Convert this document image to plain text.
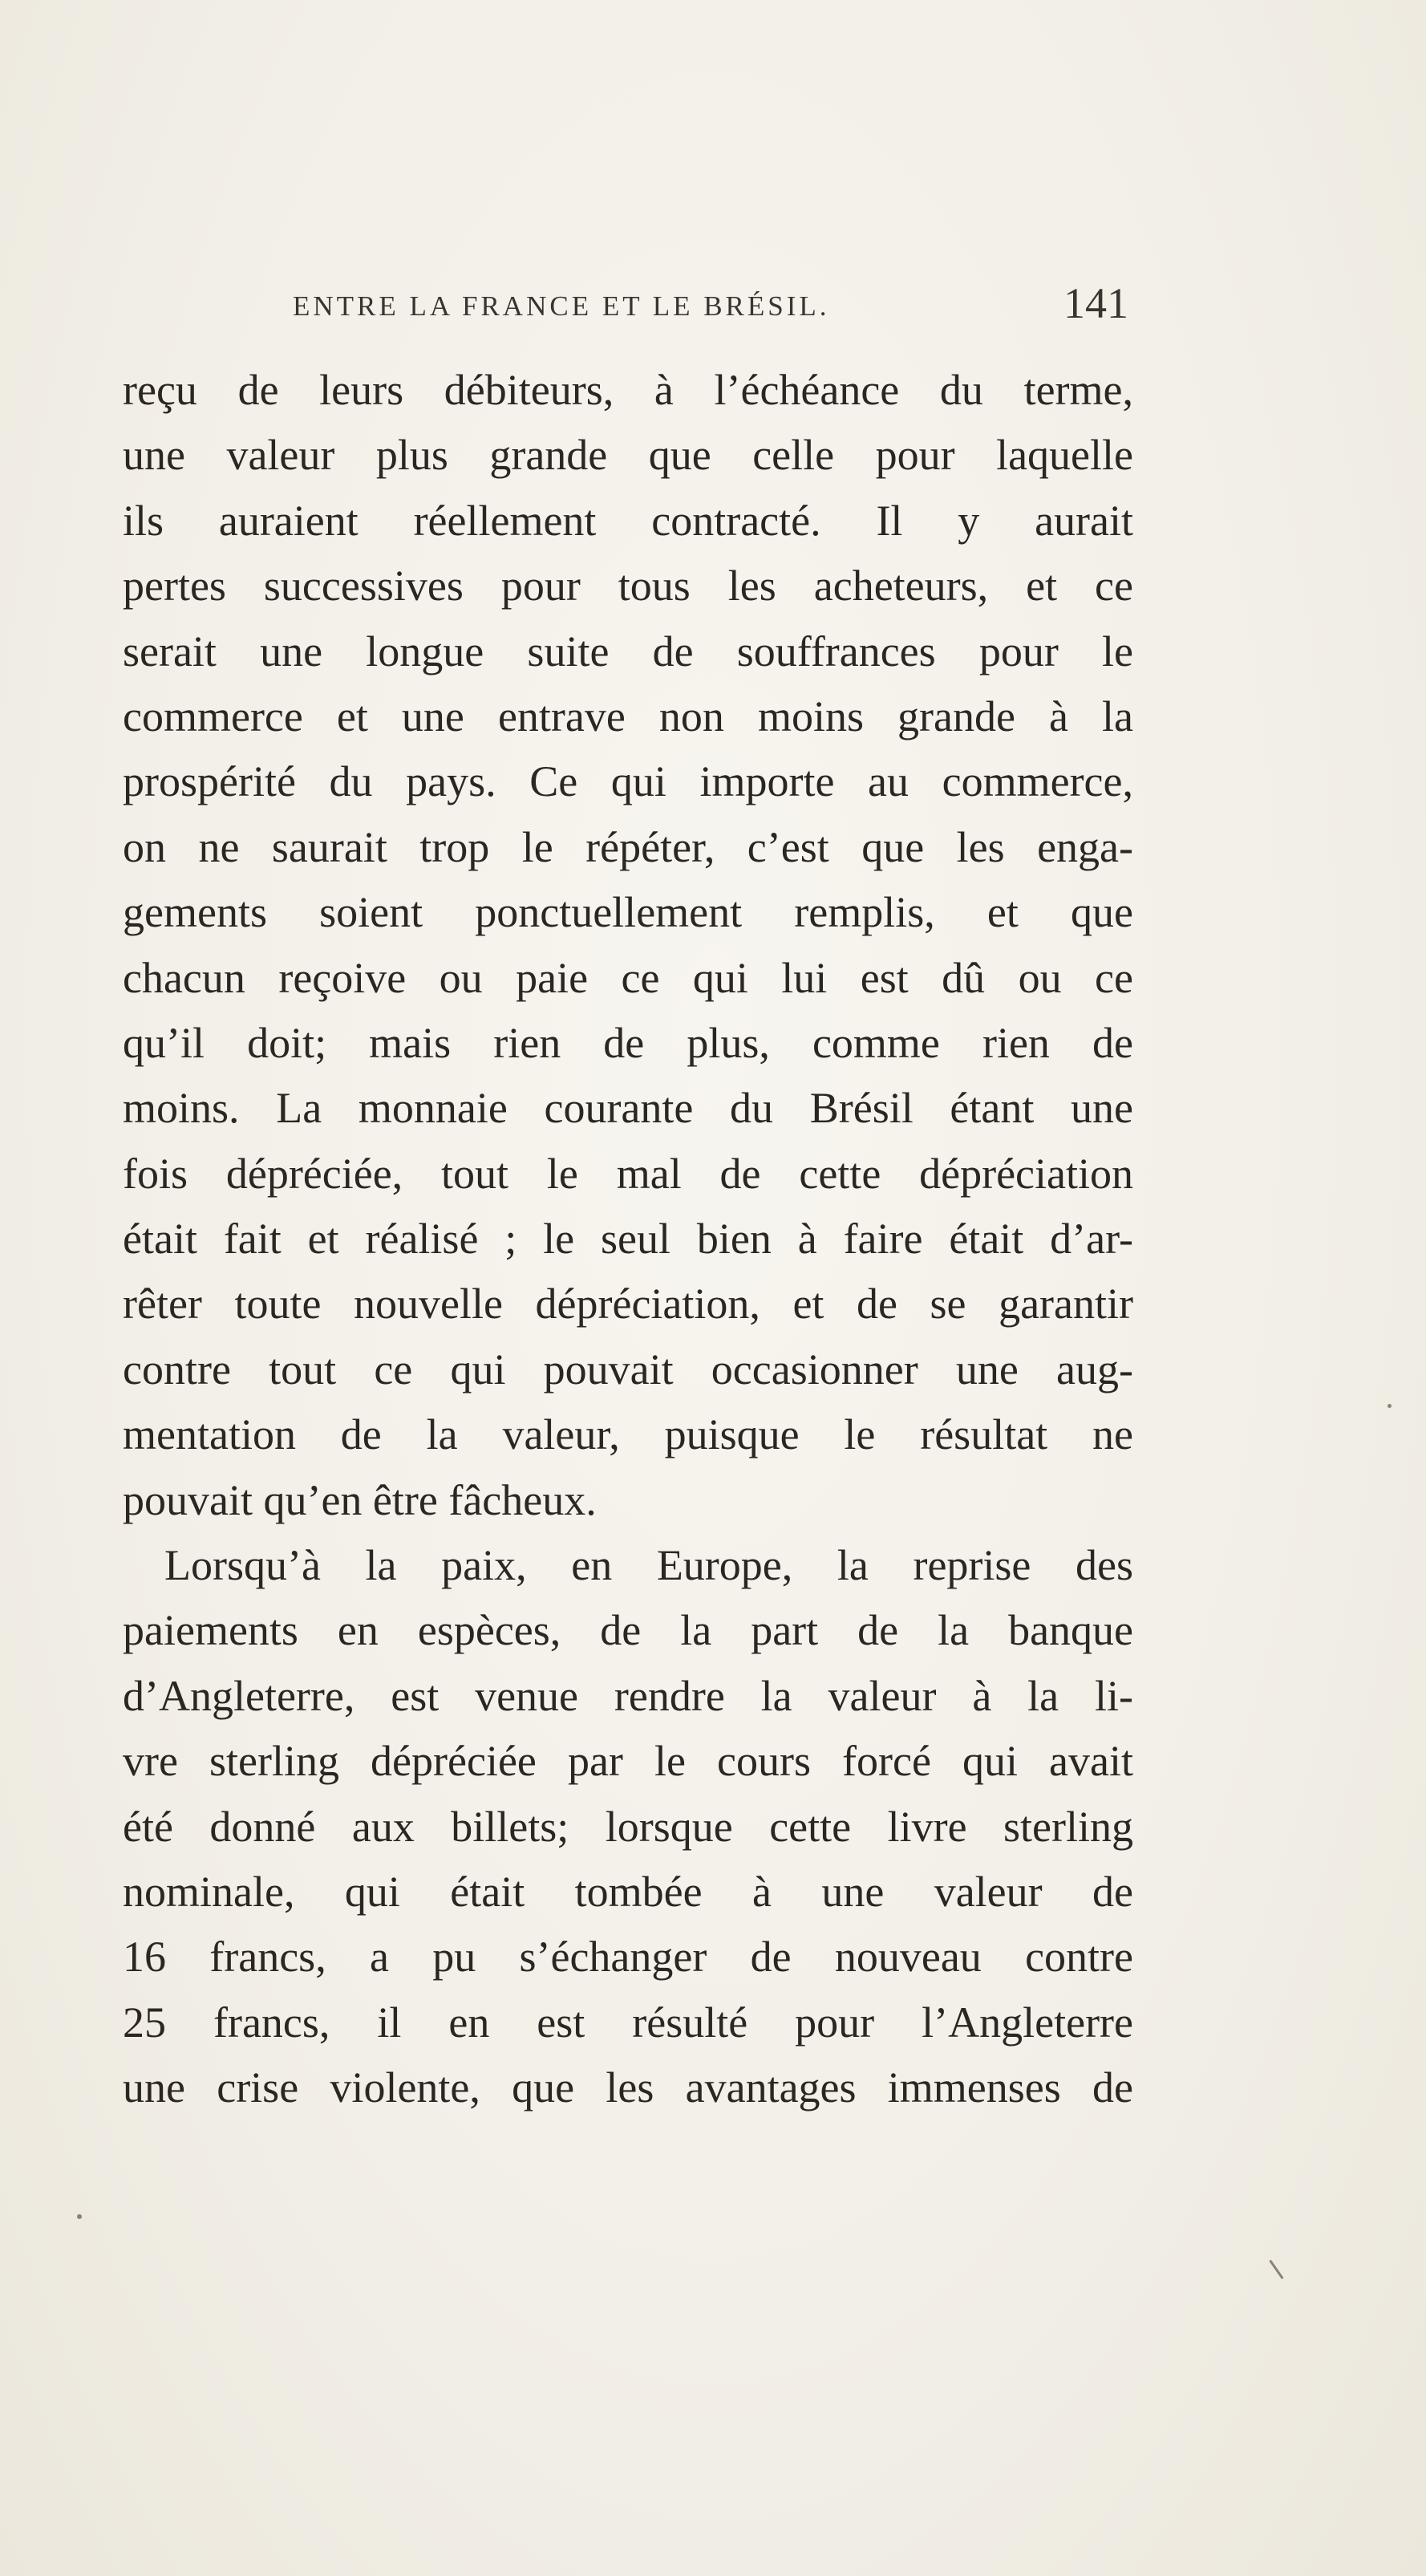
ENTRE LA FRANCE ET LE BRÉSIL.	141
reçu de leurs débiteurs, à l’échéance du terme,
une valeur plus grande que celle pour laquelle
ils auraient réellement contracté. Il y aurait
pertes successives pour tous les acheteurs, et ce
serait une longue suite de souffrances pour le
commerce et une entrave non moins grande à la
prospérité du pays. Ce qui importe au commerce,
on ne saurait trop le répéter, c’est que les enga-
gements soient ponctuellement remplis, et que
chacun reçoive ou paie ce qui lui est dû ou ce
qu’il doit; mais rien de plus, comme rien de
moins. La monnaie courante du Brésil étant une
fois dépréciée, tout le mal de cette dépréciation
était fait et réalisé ; le seul bien à faire était d’ar-
rêter toute nouvelle dépréciation, et de se garantir
contre tout ce qui pouvait occasionner une aug-
mentation de la valeur, puisque le résultat ne
pouvait qu’en être fâcheux.
Lorsqu’à la paix, en Europe, la reprise des
paiements en espèces, de la part de la banque
d’Angleterre, est venue rendre la valeur à la li-
vre sterling dépréciée par le cours forcé qui avait
été donné aux billets; lorsque cette livre sterling
nominale, qui était tombée à une valeur de
16 francs, a pu s’échanger de nouveau contre
25 francs, il en est résulté pour l’Angleterre
une crise violente, que les avantages immenses de
